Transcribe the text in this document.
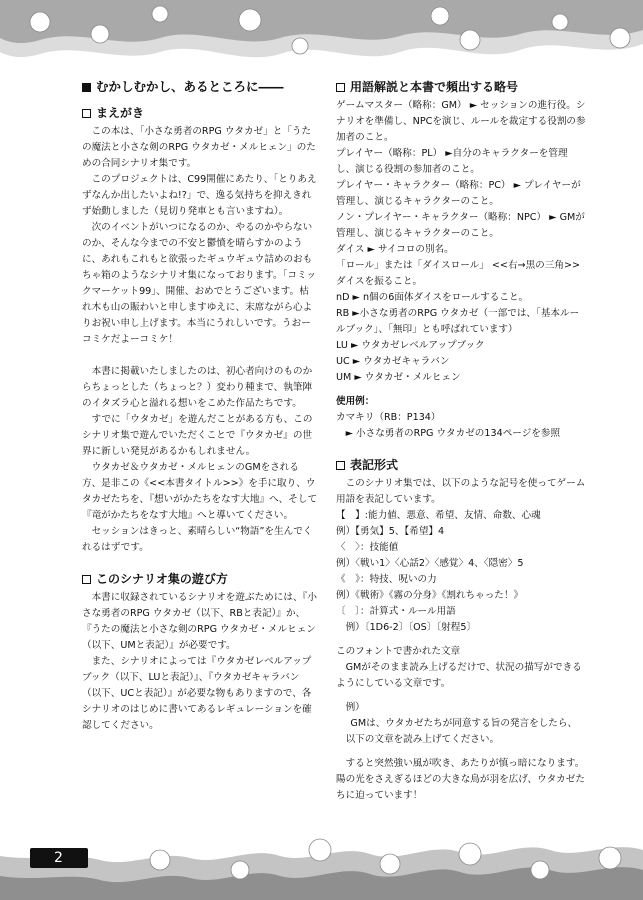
むかしむかし、あるところに――
まえがき

この本は、「小さな勇者のRPG ウタカゼ」と「うたの魔法と小さな剣のRPG ウタカゼ・メルヒェン」のための合同シナリオ集です。

このプロジェクトは、C99開催にあたり、「とりあえずなんか出したいよね!?」で、逸る気持ちを抑えきれず始動しました（見切り発車とも言いますね）。

次のイベントがいつになるのか、やるのかやらないのか、そんな今までの不安と鬱憤を晴らすかのように、あれもこれもと欲張ったギュウギュウ詰めのおもちゃ箱のようなシナリオ集になっております。「コミックマーケット99」、開催、おめでとうございます。枯れ木も山の賑わいと申しますゆえに、末席ながら心よりお祝い申し上げます。本当にうれしいです。うおーコミケだよーコミケ！

本書に掲載いたしましたのは、初心者向けのものからちょっとした（ちょっと？）変わり種まで、執筆陣のイタズラ心と溢れる想いをこめた作品たちです。

すでに「ウタカゼ」を遊んだことがある方も、このシナリオ集で遊んでいただくことで『ウタカゼ』の世界に新しい発見があるかもしれません。

ウタカゼ＆ウタカゼ・メルヒェンのGMをされる方、是非この《<<本書タイトル>>》を手に取り、ウタカゼたちを、『想いがかたちをなす大地』へ、そして『竜がかたちをなす大地』へと導いてください。

セッションはきっと、素晴らしい“物語”を生んでくれるはずです。

このシナリオ集の遊び方

本書に収録されているシナリオを遊ぶためには、『小さな勇者のRPG ウタカゼ（以下、RBと表記）』か、『うたの魔法と小さな剣のRPG ウタカゼ・メルヒェン（以下、UMと表記）』が必要です。

また、シナリオによっては『ウタカゼレベルアップブック（以下、LUと表記）』、『ウタカゼキャラバン（以下、UCと表記）』が必要な物もありますので、各シナリオのはじめに書いてあるレギュレーションを確認してください。

用語解説と本書で頻出する略号

ゲームマスター（略称：GM） ► セッションの進行役。シナリオを準備し、NPCを演じ、ルールを裁定する役割の参加者のこと。

プレイヤー（略称：PL） ►自分のキャラクターを管理し、演じる役割の参加者のこと。

プレイヤー・キャラクター（略称：PC） ► プレイヤーが管理し、演じるキャラクターのこと。

ノン・プレイヤー・キャラクター（略称：NPC） ► GMが管理し、演じるキャラクターのこと。

ダイス ► サイコロの別名。

「ロール」または「ダイスロール」 <<右→黒の三角>> ダイスを振ること。

nD ► n個の6面体ダイスをロールすること。

RB ►小さな勇者のRPG ウタカゼ（一部では、「基本ルールブック」、「無印」とも呼ばれています）

LU ► ウタカゼレベルアップブック

UC ► ウタカゼキャラバン

UM ► ウタカゼ・メルヒェン

使用例：

カマキリ（RB：P134）

► 小さな勇者のRPG ウタカゼの134ページを参照

表記形式

このシナリオ集では、以下のような記号を使ってゲーム用語を表記しています。

【　】:能力値、悪意、希望、友情、命数、心魂

例）【勇気】5、【希望】4

〈　〉：技能値

例）〈戦い1〉〈心話2〉〈感覚〉4、〈隠密〉5

《　》：特技、呪いの力

例）《戦術》《霧の分身》《割れちゃった！》

〔　〕：計算式・ルール用語

例）〔1D6-2〕〔OS〕〔射程5〕

このフォントで書かれた文章

GMがそのまま読み上げるだけで、状況の描写ができるようにしている文章です。

例）

GMは、ウタカゼたちが同意する旨の発言をしたら、

以下の文章を読み上げてください。

すると突然強い風が吹き、あたりが慎っ暗になります。陽の光をさえぎるほどの大きな鳥が羽を広げ、ウタカゼたちに迫っています！

2
